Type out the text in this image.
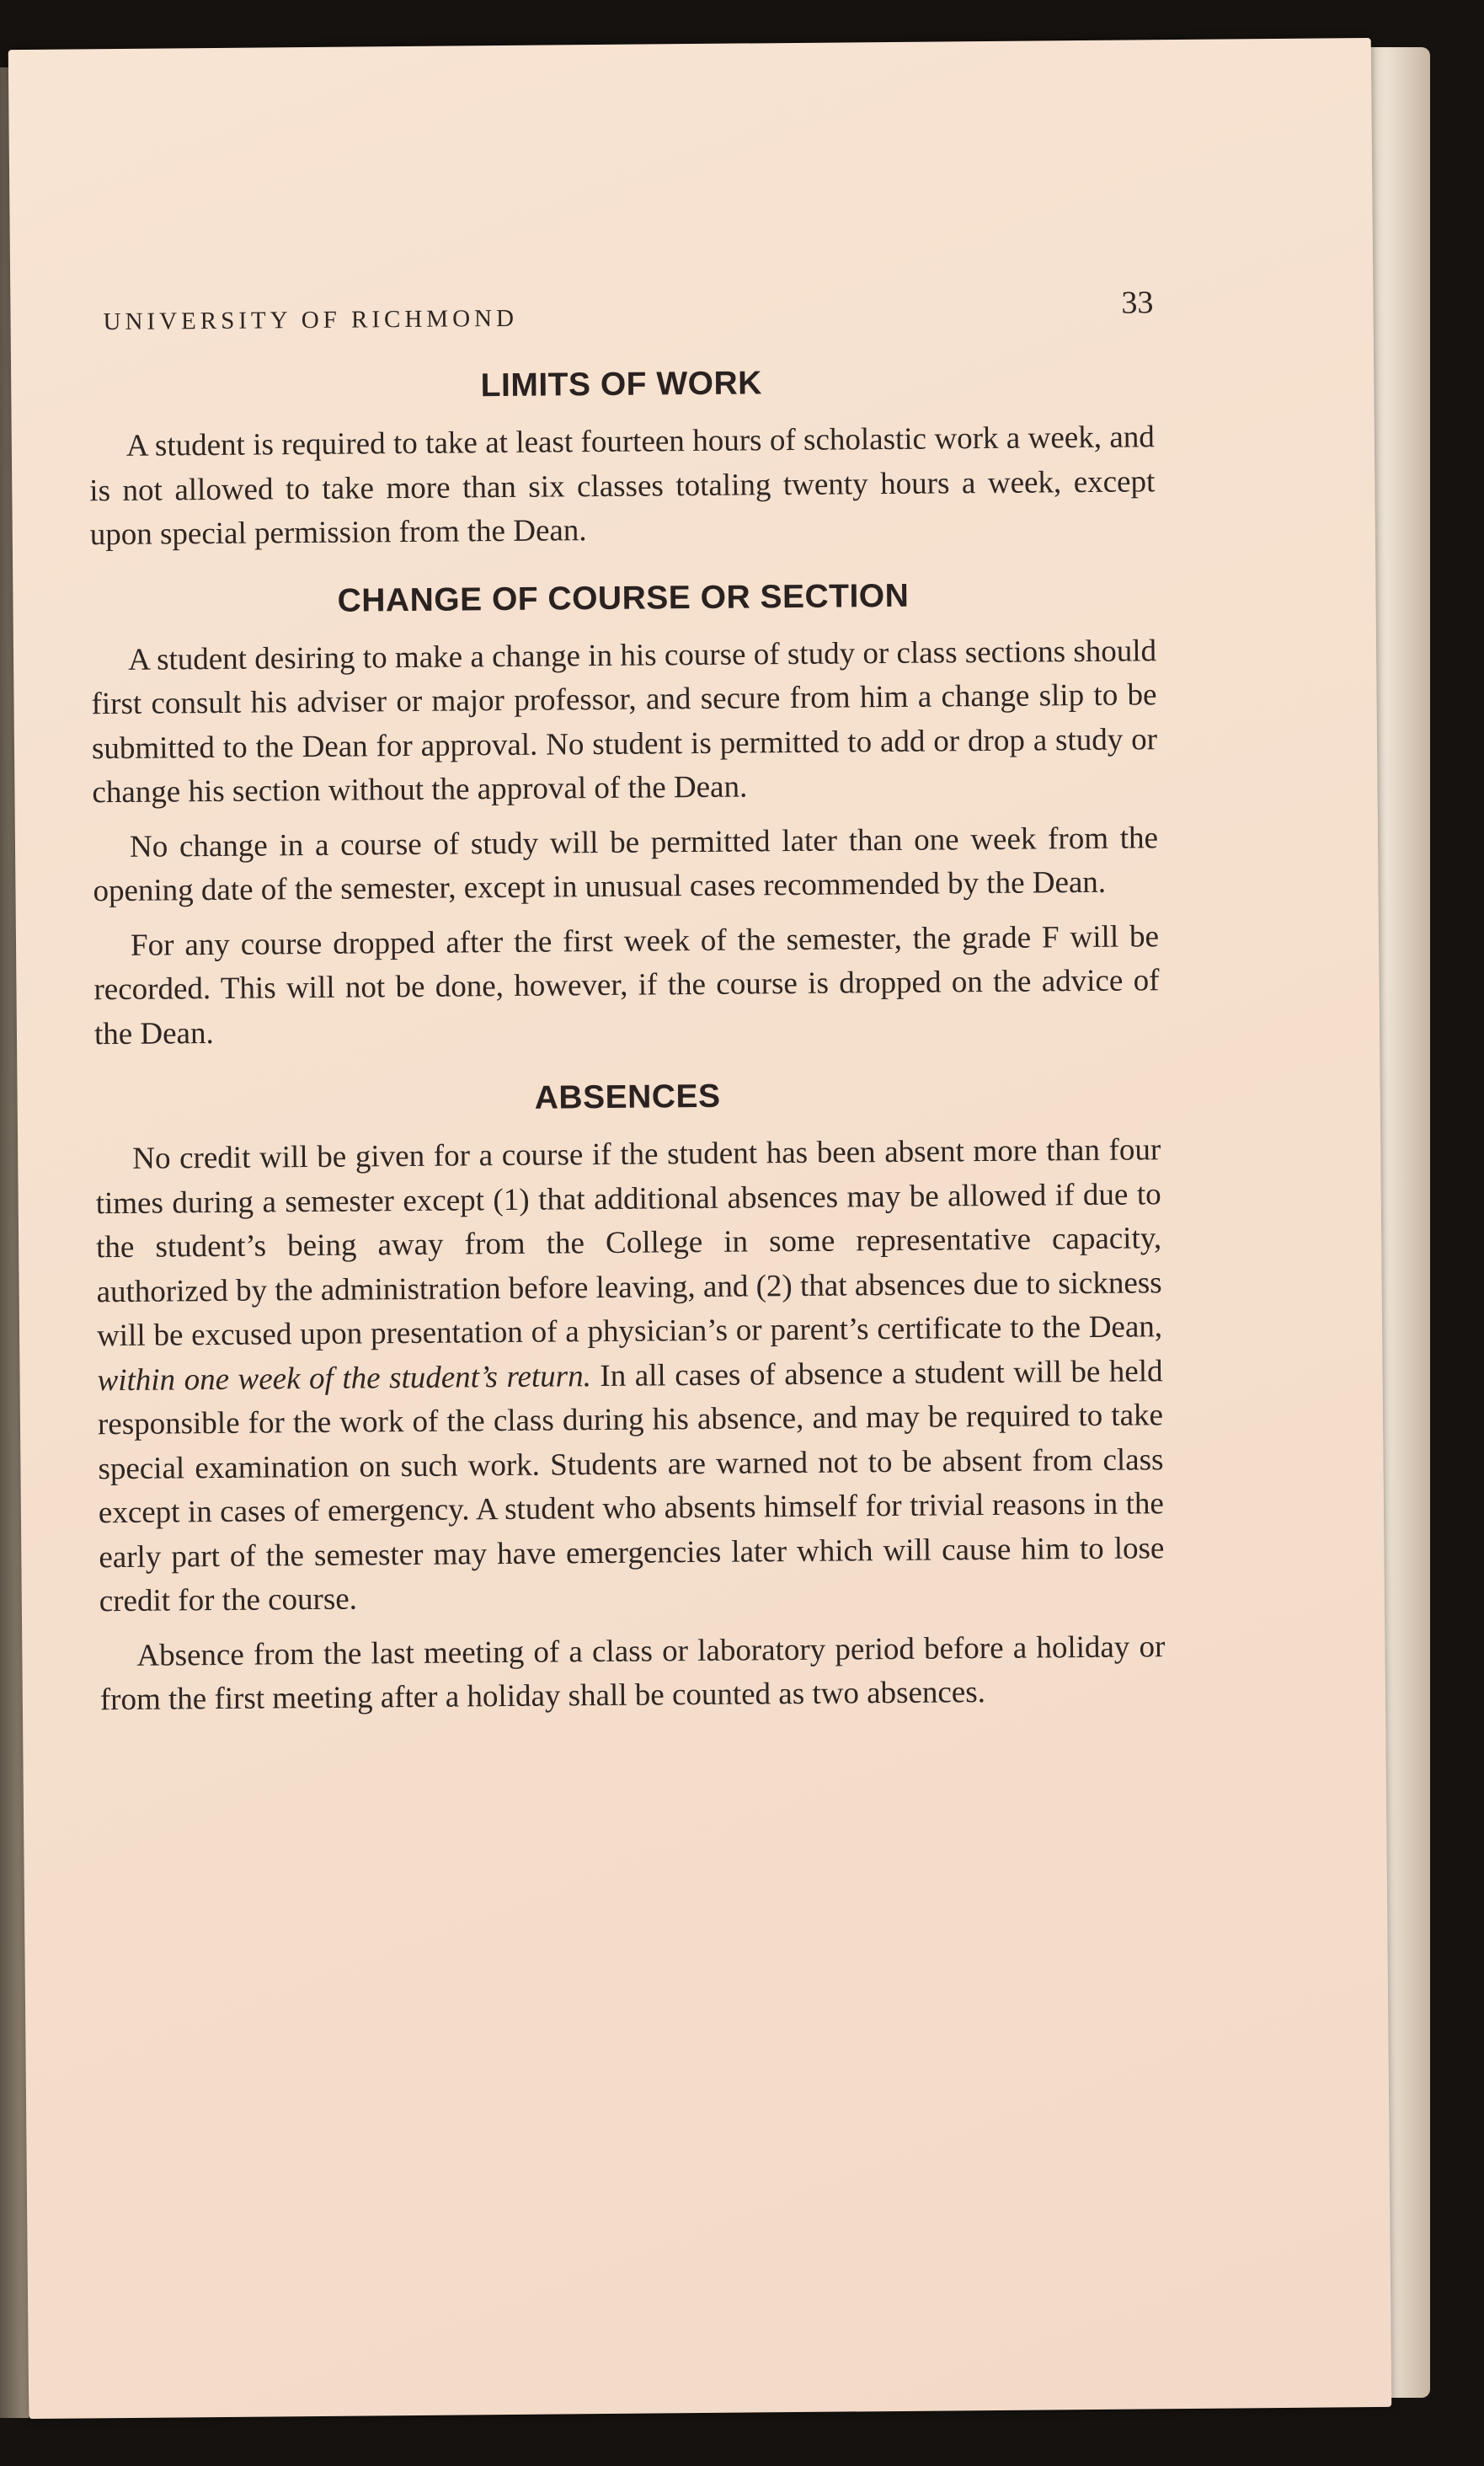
UNIVERSITY OF RICHMOND	33
LIMITS OF WORK

A student is required to take at least fourteen hours of scholastic work a week, and is not allowed to take more than six classes totaling twenty hours a week, except upon special permission from the Dean.

CHANGE OF COURSE OR SECTION

A student desiring to make a change in his course of study or class sections should first consult his adviser or major professor, and secure from him a change slip to be submitted to the Dean for approval. No student is permitted to add or drop a study or change his section without the approval of the Dean.

No change in a course of study will be permitted later than one week from the opening date of the semester, except in unusual cases recommended by the Dean.

For any course dropped after the first week of the semester, the grade F will be recorded. This will not be done, however, if the course is dropped on the advice of the Dean.

ABSENCES

No credit will be given for a course if the student has been absent more than four times during a semester except (1) that additional absences may be allowed if due to the student’s being away from the College in some representative capacity, authorized by the administration before leaving, and (2) that absences due to sickness will be excused upon presentation of a physician’s or parent’s certificate to the Dean, within one week of the student’s return. In all cases of absence a student will be held responsible for the work of the class during his absence, and may be required to take special examination on such work. Students are warned not to be absent from class except in cases of emergency. A student who absents himself for trivial reasons in the early part of the semester may have emergencies later which will cause him to lose credit for the course.

Absence from the last meeting of a class or laboratory period before a holiday or from the first meeting after a holiday shall be counted as two absences.
